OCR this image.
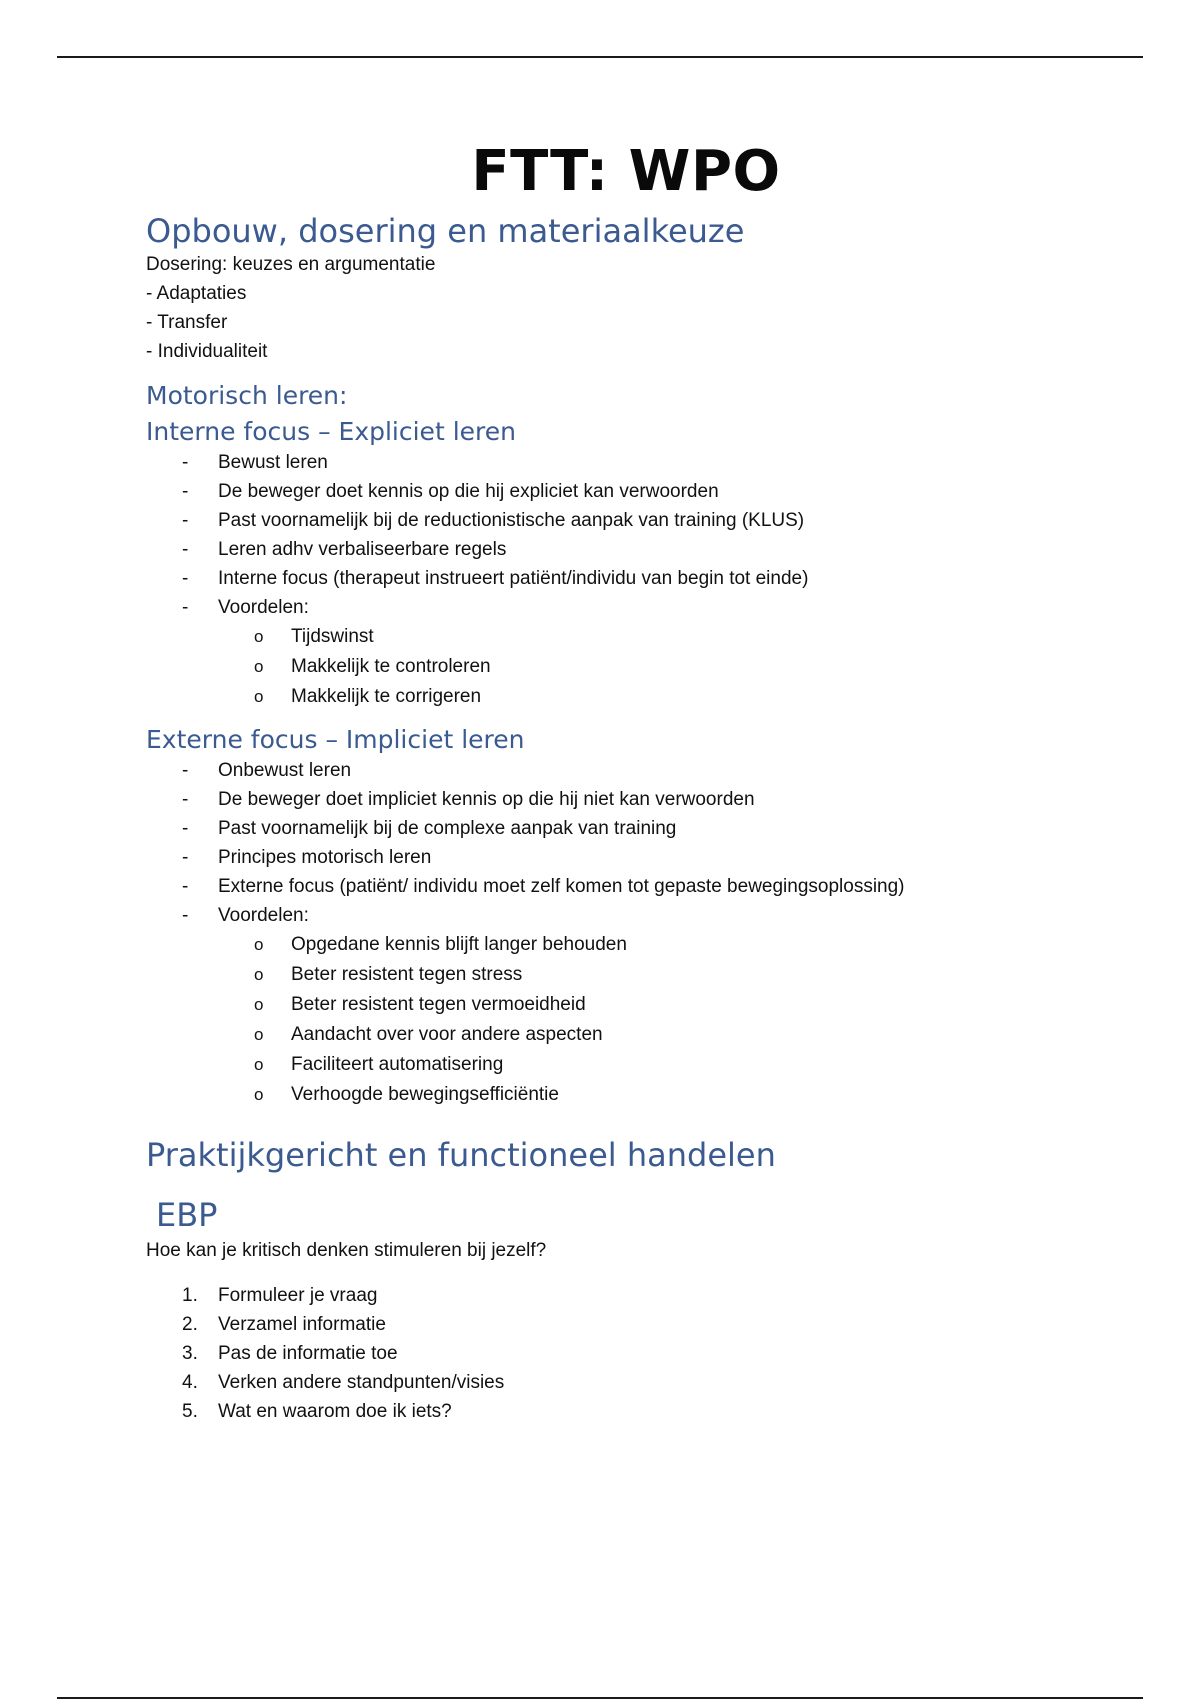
FTT: WPO
Opbouw, dosering en materiaalkeuze

Dosering: keuzes en argumentatie

- Adaptaties

- Transfer

- Individualiteit

Motorisch leren:
Interne focus – Expliciet leren
- Bewust leren
- De beweger doet kennis op die hij expliciet kan verwoorden
- Past voornamelijk bij de reductionistische aanpak van training (KLUS)
- Leren adhv verbaliseerbare regels
- Interne focus (therapeut instrueert patiënt/individu van begin tot einde)
- Voordelen:
o Tijdswinst
o Makkelijk te controleren
o Makkelijk te corrigeren
Externe focus – Impliciet leren
- Onbewust leren
- De beweger doet impliciet kennis op die hij niet kan verwoorden
- Past voornamelijk bij de complexe aanpak van training
- Principes motorisch leren
- Externe focus (patiënt/ individu moet zelf komen tot gepaste bewegingsoplossing)
- Voordelen:
o Opgedane kennis blijft langer behouden
o Beter resistent tegen stress
o Beter resistent tegen vermoeidheid
o Aandacht over voor andere aspecten
o Faciliteert automatisering
o Verhoogde bewegingsefficiëntie
Praktijkgericht en functioneel handelen
EBP

Hoe kan je kritisch denken stimuleren bij jezelf?

1. Formuleer je vraag
2. Verzamel informatie
3. Pas de informatie toe
4. Verken andere standpunten/visies
5. Wat en waarom doe ik iets?
